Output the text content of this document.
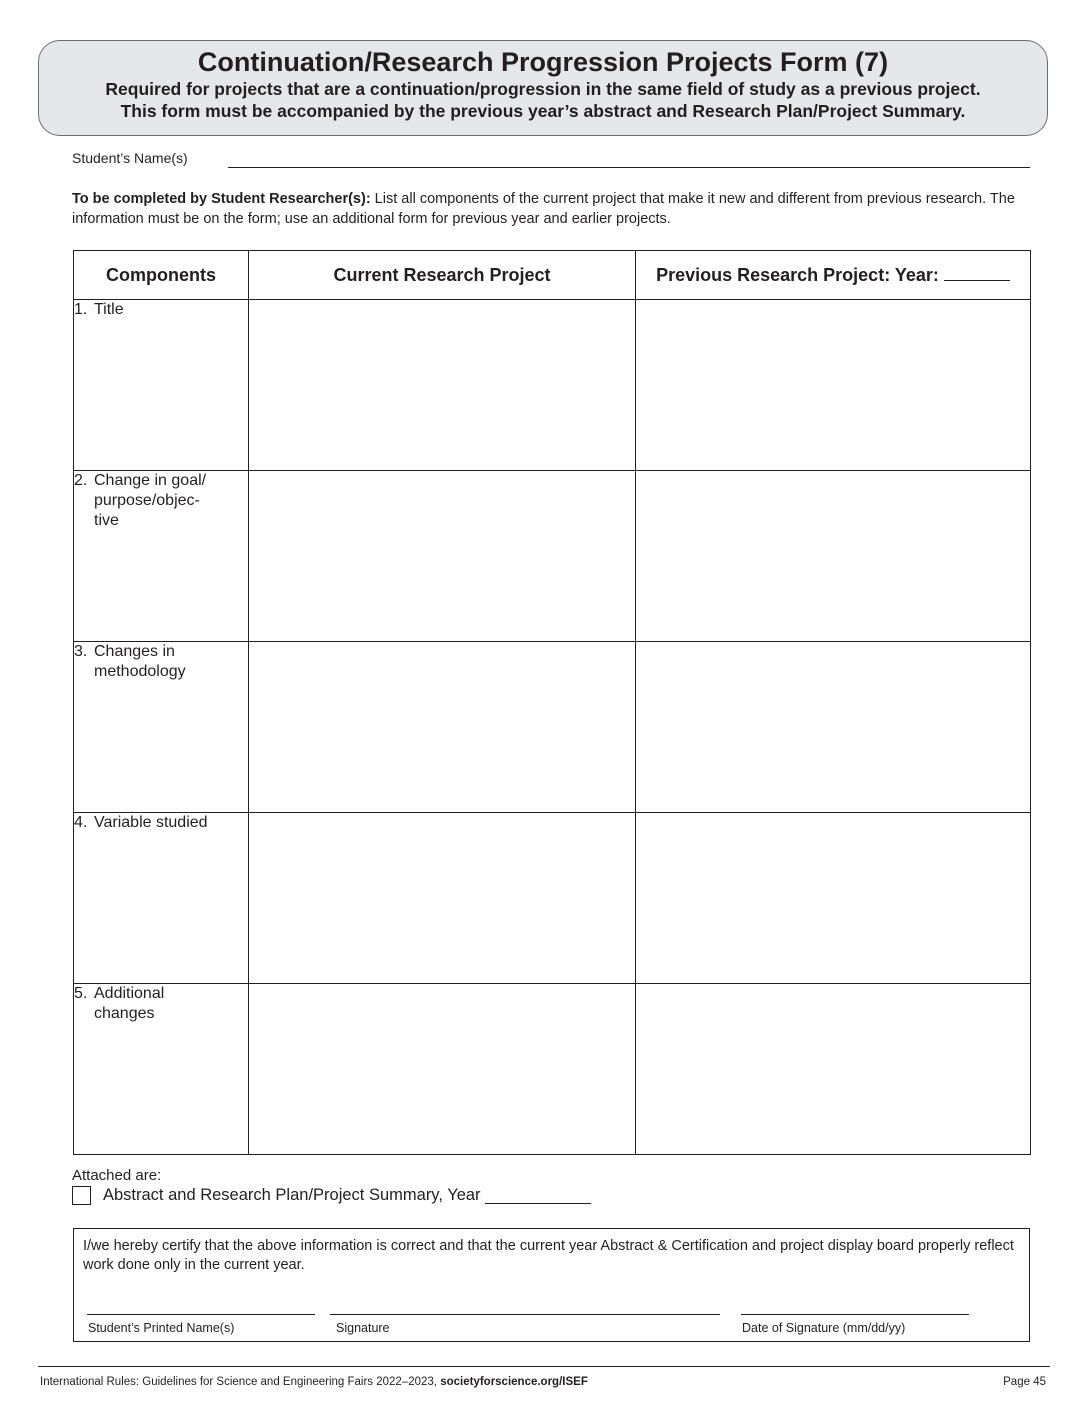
Continuation/Research Progression Projects Form (7)
Required for projects that are a continuation/progression in the same field of study as a previous project.
This form must be accompanied by the previous year’s abstract and Research Plan/Project Summary.
Student’s Name(s)
To be completed by Student Researcher(s): List all components of the current project that make it new and different from previous research. The information must be on the form; use an additional form for previous year and earlier projects.
Components	Current Research Project	Previous Research Project: Year:

1. Title		

2. Change in goal/ purpose/objec- tive		

3. Changes in methodology		

4. Variable studied		

5. Additional changes		

Attached are:
Abstract and Research Plan/Project Summary, Year
I/we hereby certify that the above information is correct and that the current year Abstract & Certification and project display board properly reflect work done only in the current year.
Student’s Printed Name(s)	Signature	Date of Signature (mm/dd/yy)
International Rules: Guidelines for Science and Engineering Fairs 2022–2023, societyforscience.org/ISEF	Page 45
